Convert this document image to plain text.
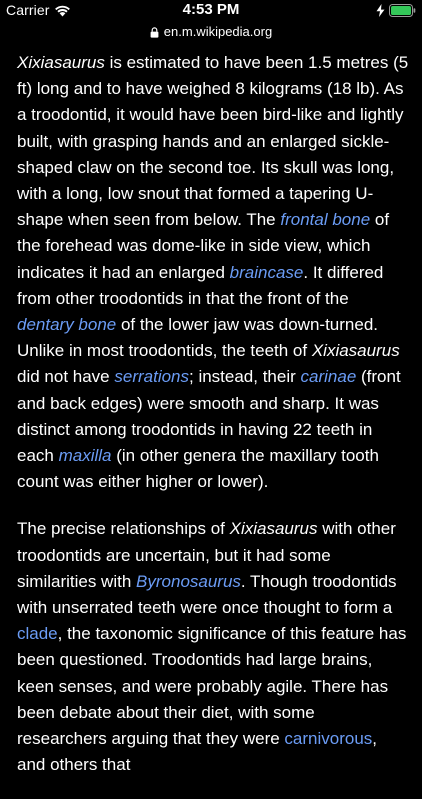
Carrier	4:53 PM
en.m.wikipedia.org

Xixiasaurus is estimated to have been 1.5 metres (5 ft) long and to have weighed 8 kilograms (18 lb). As a troodontid, it would have been bird-like and lightly built, with grasping hands and an enlarged sickle-shaped claw on the second toe. Its skull was long, with a long, low snout that formed a tapering U-shape when seen from below. The frontal bone of the forehead was dome-like in side view, which indicates it had an enlarged braincase. It differed from other troodontids in that the front of the dentary bone of the lower jaw was down-turned. Unlike in most troodontids, the teeth of Xixiasaurus did not have serrations; instead, their carinae (front and back edges) were smooth and sharp. It was distinct among troodontids in having 22 teeth in each maxilla (in other genera the maxillary tooth count was either higher or lower).

The precise relationships of Xixiasaurus with other troodontids are uncertain, but it had some similarities with Byronosaurus. Though troodontids with unserrated teeth were once thought to form a clade, the taxonomic significance of this feature has been questioned. Troodontids had large brains, keen senses, and were probably agile. There has been debate about their diet, with some researchers arguing that they were carnivorous, and others that
